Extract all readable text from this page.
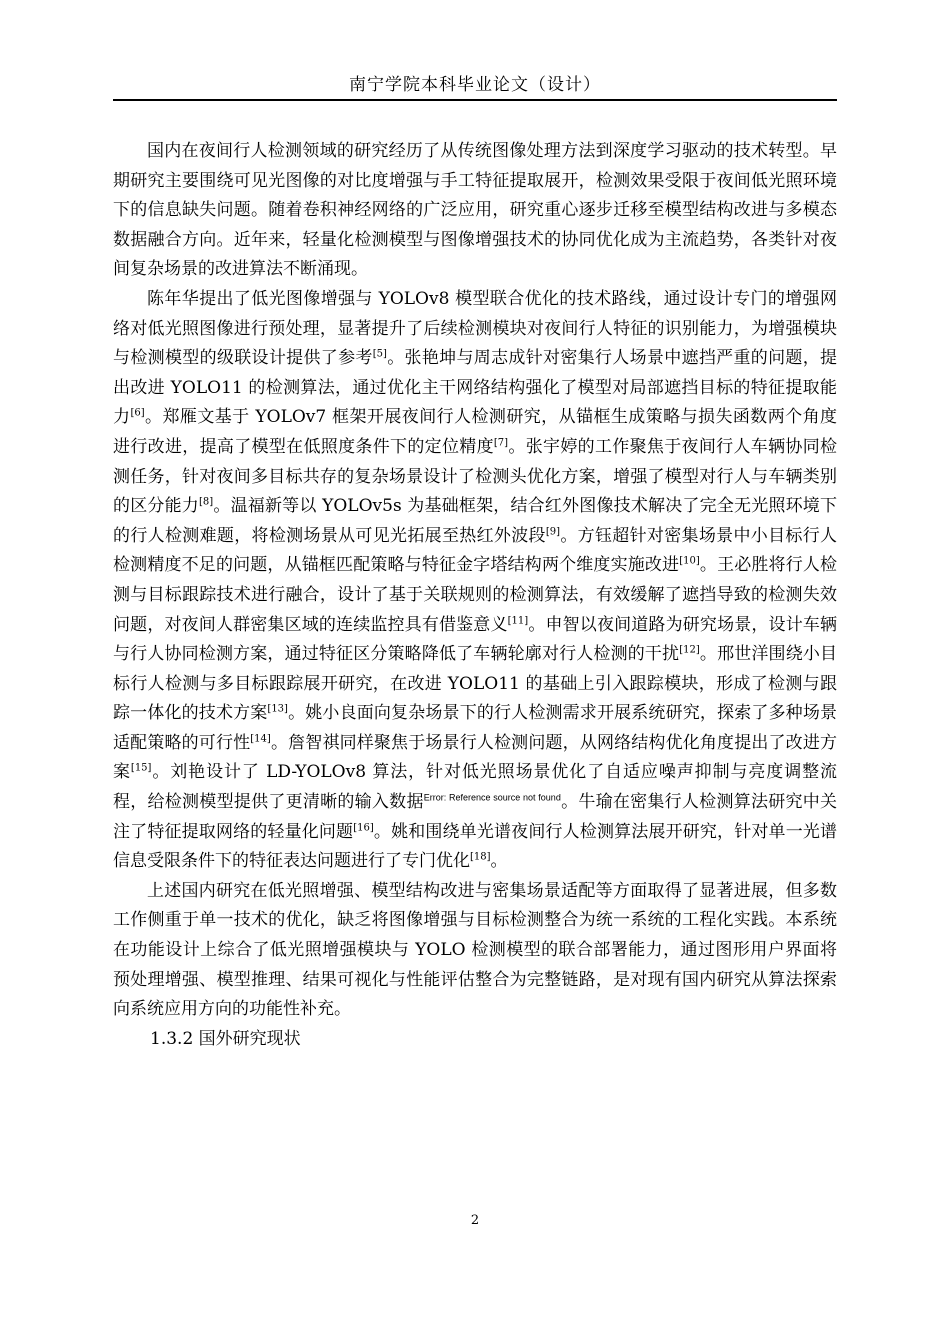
南宁学院本科毕业论文（设计）

国内在夜间行人检测领域的研究经历了从传统图像处理方法到深度学习驱动的技术转型。早期研究主要围绕可见光图像的对比度增强与手工特征提取展开，检测效果受限于夜间低光照环境下的信息缺失问题。随着卷积神经网络的广泛应用，研究重心逐步迁移至模型结构改进与多模态数据融合方向。近年来，轻量化检测模型与图像增强技术的协同优化成为主流趋势，各类针对夜间复杂场景的改进算法不断涌现。

陈年华提出了低光图像增强与 YOLOv8 模型联合优化的技术路线，通过设计专门的增强网络对低光照图像进行预处理，显著提升了后续检测模块对夜间行人特征的识别能力，为增强模块与检测模型的级联设计提供了参考[5]。张艳坤与周志成针对密集行人场景中遮挡严重的问题，提出改进 YOLO11 的检测算法，通过优化主干网络结构强化了模型对局部遮挡目标的特征提取能力[6]。郑雁文基于 YOLOv7 框架开展夜间行人检测研究，从锚框生成策略与损失函数两个角度进行改进，提高了模型在低照度条件下的定位精度[7]。张宇婷的工作聚焦于夜间行人车辆协同检测任务，针对夜间多目标共存的复杂场景设计了检测头优化方案，增强了模型对行人与车辆类别的区分能力[8]。温福新等以 YOLOv5s 为基础框架，结合红外图像技术解决了完全无光照环境下的行人检测难题，将检测场景从可见光拓展至热红外波段[9]。方钰超针对密集场景中小目标行人检测精度不足的问题，从锚框匹配策略与特征金字塔结构两个维度实施改进[10]。王必胜将行人检测与目标跟踪技术进行融合，设计了基于关联规则的检测算法，有效缓解了遮挡导致的检测失效问题，对夜间人群密集区域的连续监控具有借鉴意义[11]。申智以夜间道路为研究场景，设计车辆与行人协同检测方案，通过特征区分策略降低了车辆轮廓对行人检测的干扰[12]。邢世洋围绕小目标行人检测与多目标跟踪展开研究，在改进 YOLO11 的基础上引入跟踪模块，形成了检测与跟踪一体化的技术方案[13]。姚小良面向复杂场景下的行人检测需求开展系统研究，探索了多种场景适配策略的可行性[14]。詹智祺同样聚焦于场景行人检测问题，从网络结构优化角度提出了改进方案[15]。刘艳设计了 LD-YOLOv8 算法，针对低光照场景优化了自适应噪声抑制与亮度调整流程，给检测模型提供了更清晰的输入数据$^{Error: Reference source not found}$。牛瑜在密集行人检测算法研究中关注了特征提取网络的轻量化问题[16]。姚和围绕单光谱夜间行人检测算法展开研究，针对单一光谱信息受限条件下的特征表达问题进行了专门优化[18]。

上述国内研究在低光照增强、模型结构改进与密集场景适配等方面取得了显著进展，但多数工作侧重于单一技术的优化，缺乏将图像增强与目标检测整合为统一系统的工程化实践。本系统在功能设计上综合了低光照增强模块与 YOLO 检测模型的联合部署能力，通过图形用户界面将预处理增强、模型推理、结果可视化与性能评估整合为完整链路，是对现有国内研究从算法探索向系统应用方向的功能性补充。

1.3.2 国外研究现状

2
